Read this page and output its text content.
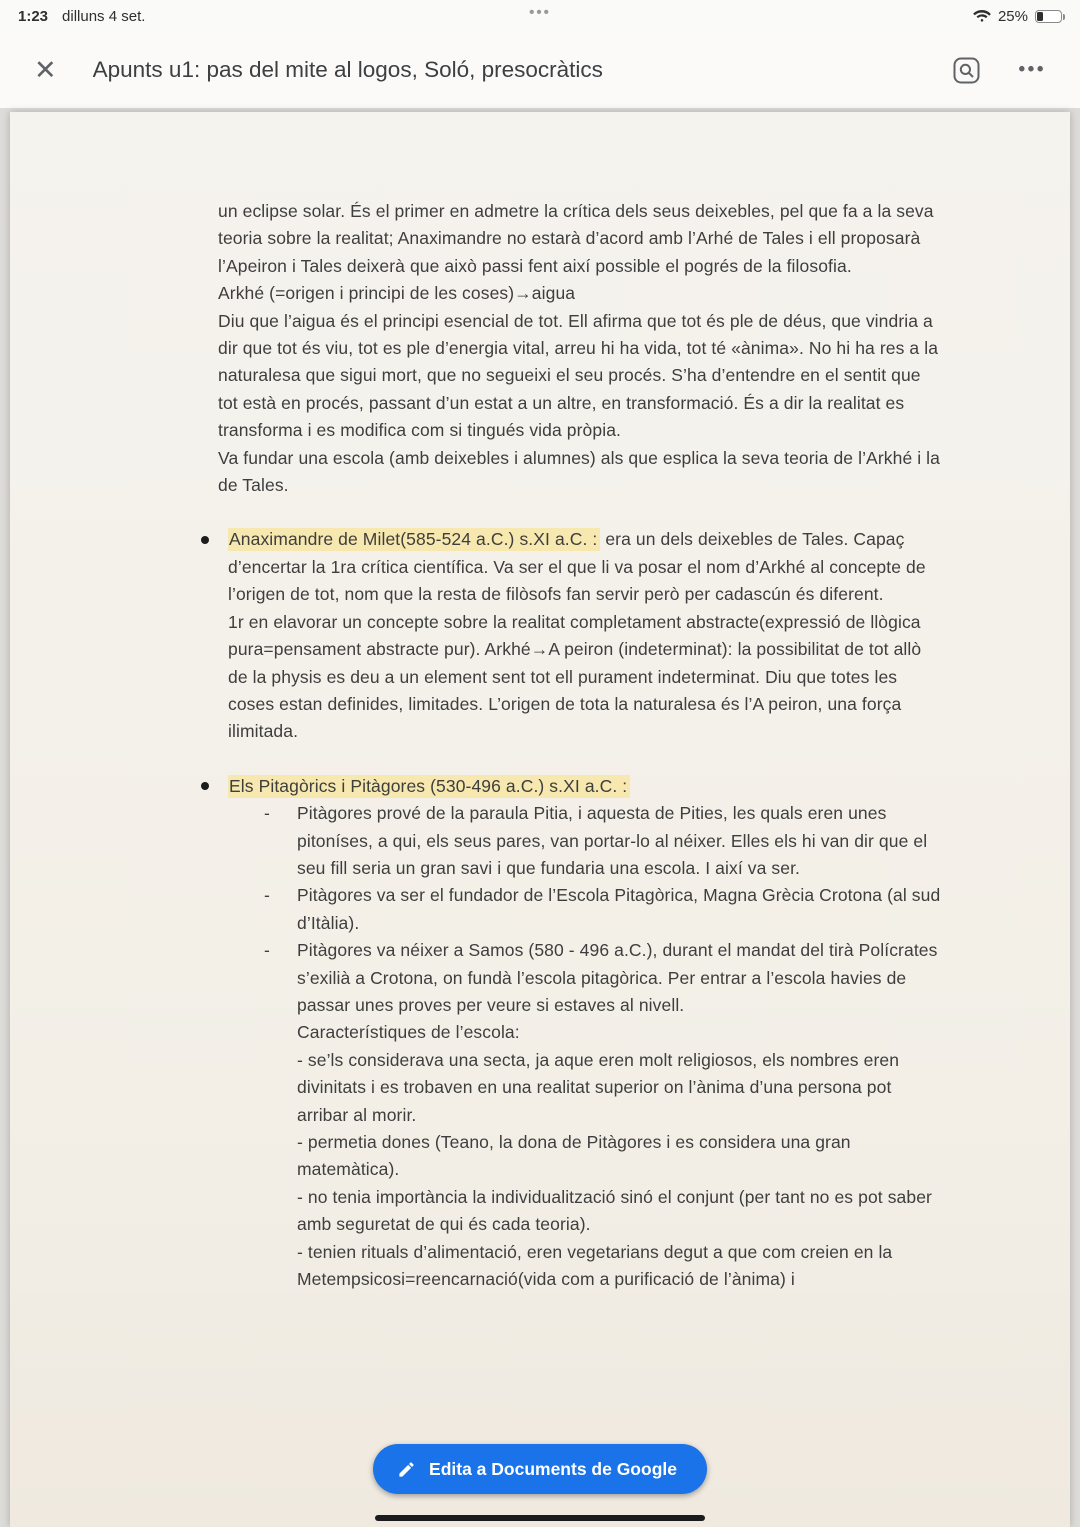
1:23 dilluns 4 set.	•••	25%
✕ Apunts u1: pas del mite al logos, Soló, presocràtics	•••

un eclipse solar. És el primer en admetre la crítica dels seus deixebles, pel que fa a la seva teoria sobre la realitat; Anaximandre no estarà d’acord amb l’Arhé de Tales i ell proposarà l’Apeiron i Tales deixerà que això passi fent així possible el pogrés de la filosofia.

Arkhé (=origen i principi de les coses)→aigua

Diu que l’aigua és el principi esencial de tot. Ell afirma que tot és ple de déus, que vindria a dir que tot és viu, tot es ple d’energia vital, arreu hi ha vida, tot té «ànima». No hi ha res a la naturalesa que sigui mort, que no segueixi el seu procés. S’ha d’entendre en el sentit que tot està en procés, passant d’un estat a un altre, en transformació. És a dir la realitat es transforma i es modifica com si tingués vida pròpia.

Va fundar una escola (amb deixebles i alumnes) als que esplica la seva teoria de l’Arkhé i la de Tales.

Anaximandre de Milet(585-524 a.C.) s.XI a.C. : era un dels deixebles de Tales. Capaç d’encertar la 1ra crítica científica. Va ser el que li va posar el nom d’Arkhé al concepte de l’origen de tot, nom que la resta de filòsofs fan servir però per cadascún és diferent.

1r en elavorar un concepte sobre la realitat completament abstracte(expressió de llògica pura=pensament abstracte pur). Arkhé→A peiron (indeterminat): la possibilitat de tot allò de la physis es deu a un element sent tot ell purament indeterminat. Diu que totes les coses estan definides, limitades. L’origen de tota la naturalesa és l’A peiron, una força ilimitada.

Els Pitagòrics i Pitàgores (530-496 a.C.) s.XI a.C. :

-	Pitàgores prové de la paraula Pitia, i aquesta de Pities, les quals eren unes pitoníses, a qui, els seus pares, van portar-lo al néixer. Elles els hi van dir que el seu fill seria un gran savi i que fundaria una escola. I així va ser.

-	Pitàgores va ser el fundador de l’Escola Pitagòrica, Magna Grècia Crotona (al sud d’Itàlia).

-	Pitàgores va néixer a Samos (580 - 496 a.C.), durant el mandat del tirà Polícrates s’exilià a Crotona, on fundà l’escola pitagòrica. Per entrar a l’escola havies de passar unes proves per veure si estaves al nivell.

Característiques de l’escola:

- se’ls considerava una secta, ja aque eren molt religiosos, els nombres eren divinitats i es trobaven en una realitat superior on l’ànima d’una persona pot arribar al morir.

- permetia dones (Teano, la dona de Pitàgores i es considera una gran matemàtica).

- no tenia importància la individualització sinó el conjunt (per tant no es pot saber amb seguretat de qui és cada teoria).

- tenien rituals d’alimentació, eren vegetarians degut a que com creien en la Metempsicosi=reencarnació(vida com a purificació de l’ànima) i

Edita a Documents de Google
